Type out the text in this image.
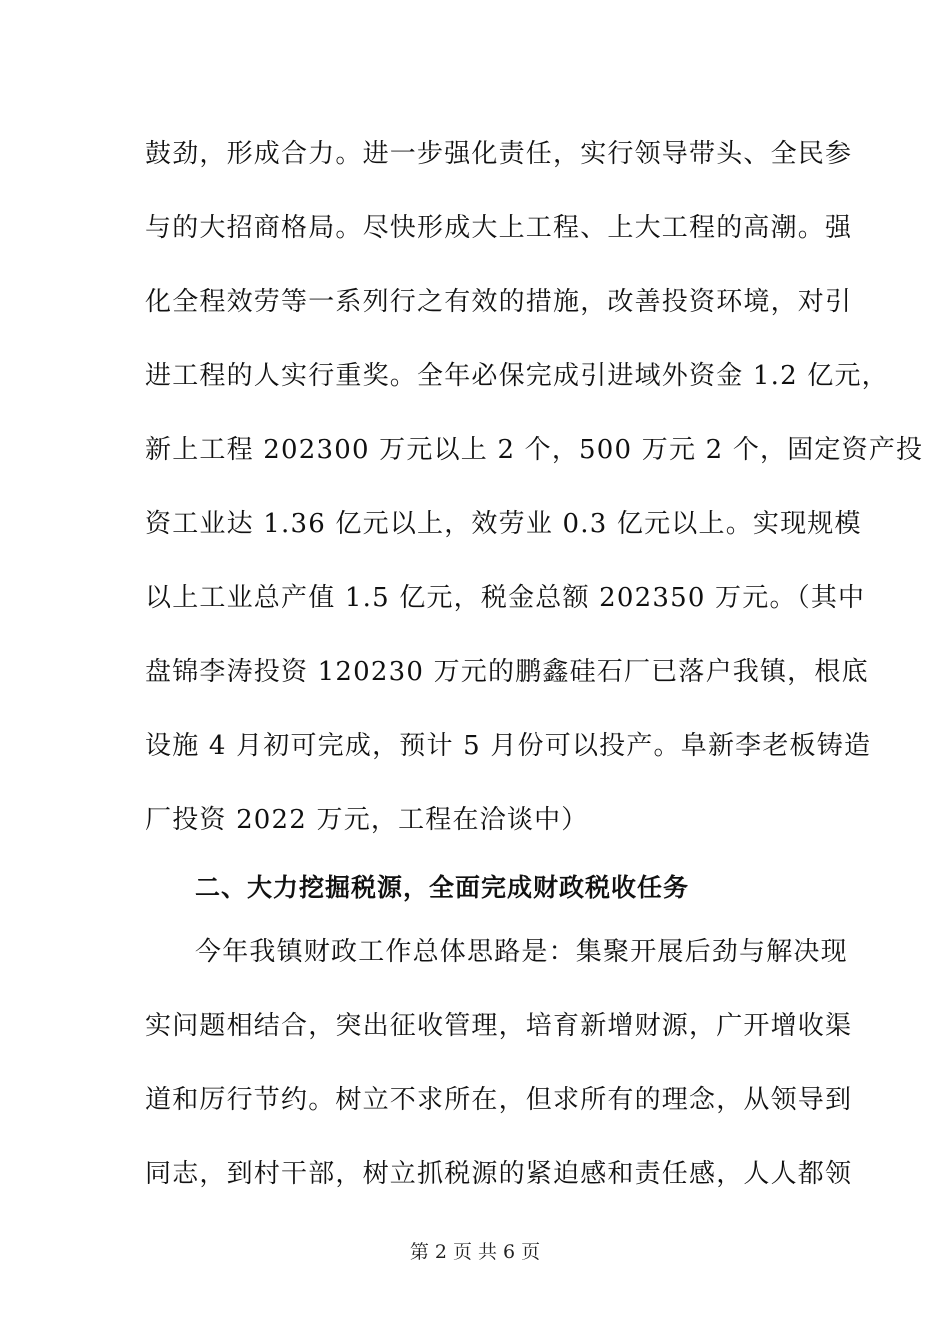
鼓劲，形成合力。进一步强化责任，实行领导带头、全民参
与的大招商格局。尽快形成大上工程、上大工程的高潮。强
化全程效劳等一系列行之有效的措施，改善投资环境，对引
进工程的人实行重奖。全年必保完成引进域外资金 1.2 亿元，
新上工程 202300 万元以上 2 个，500 万元 2 个，固定资产投
资工业达 1.36 亿元以上，效劳业 0.3 亿元以上。实现规模
以上工业总产值 1.5 亿元，税金总额 202350 万元。（其中
盘锦李涛投资 120230 万元的鹏鑫硅石厂已落户我镇，根底
设施 4 月初可完成，预计 5 月份可以投产。阜新李老板铸造
厂投资 2022 万元，工程在洽谈中）
二、大力挖掘税源，全面完成财政税收任务
今年我镇财政工作总体思路是：集聚开展后劲与解决现
实问题相结合，突出征收管理，培育新增财源，广开增收渠
道和厉行节约。树立不求所在，但求所有的理念，从领导到
同志，到村干部，树立抓税源的紧迫感和责任感，人人都领
第 2 页 共 6 页
